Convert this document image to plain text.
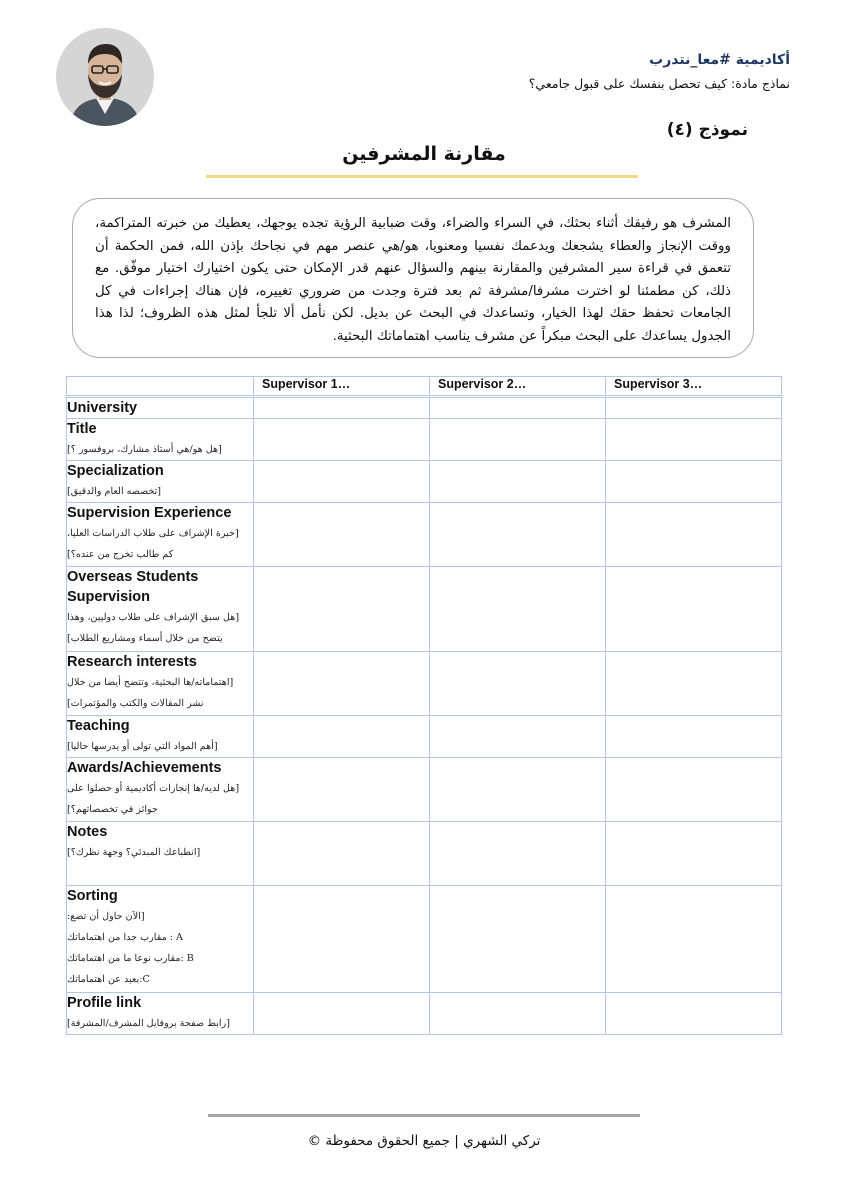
أكاديمية #معا_نتدرب
نماذج مادة: كيف تحصل بنفسك على قبول جامعي؟
نموذج (٤)
مقارنة المشرفين
المشرف هو رفيقك أثناء بحثك، في السراء والضراء، وقت ضبابية الرؤية تجده يوجهك، يعطيك من خبرته المتراكمة، ووقت الإنجاز والعطاء يشجعك ويدعمك نفسيا ومعنويا، هو/هي عنصر مهم في نجاحك بإذن الله، فمن الحكمة أن تتعمق في قراءة سير المشرفين والمقارنة بينهم والسؤال عنهم قدر الإمكان حتى يكون اختيارك اختيار موفّق. مع ذلك، كن مطمئنا لو اخترت مشرفا/مشرفة ثم بعد فترة وجدت من ضروري تغييره، فإن هناك إجراءات في كل الجامعات تحفظ حقك لهذا الخيار، وتساعدك في البحث عن بديل. لكن نأمل ألا تلجأ لمثل هذه الظروف؛ لذا هذا الجدول يساعدك على البحث مبكراً عن مشرف يناسب اهتماماتك البحثية.
	Supervisor 1…	Supervisor 2…	Supervisor 3…

University			

Title
[هل هو/هي أستاذ مشارك، بروفسور ؟]			

Specialization
[تخصصه العام والدقيق]			

Supervision Experience
[خبرة الإشراف على طلاب الدراسات العليا،
كم طالب تخرج من عنده؟]			

Overseas Students Supervision
[هل سبق الإشراف على طلاب دوليين، وهذا
يتضح من خلال أسماء ومشاريع الطلاب]			

Research interests
[اهتماماته/ها البحثية، وتتضح أيضا من خلال
نشر المقالات والكتب والمؤتمرات]			

Teaching
[أهم المواد التي تولى أو يدرسها حاليا]			

Awards/Achievements
[هل لديه/ها إنجازات أكاديمية أو حصلوا على
جوائز في تخصصاتهم؟]			

Notes
[انطباعك المبدئي؟ وجهة نظرك؟]			

Sorting
[الآن حاول أن تضع:
A : مقارب جدا من اهتماماتك
B :مقارب نوعا ما من اهتماماتك
C:بعيد عن اهتماماتك			

Profile link
[رابط صفحة بروفايل المشرف/المشرفة]			

تركي الشهري | جميع الحقوق محفوظة ©
